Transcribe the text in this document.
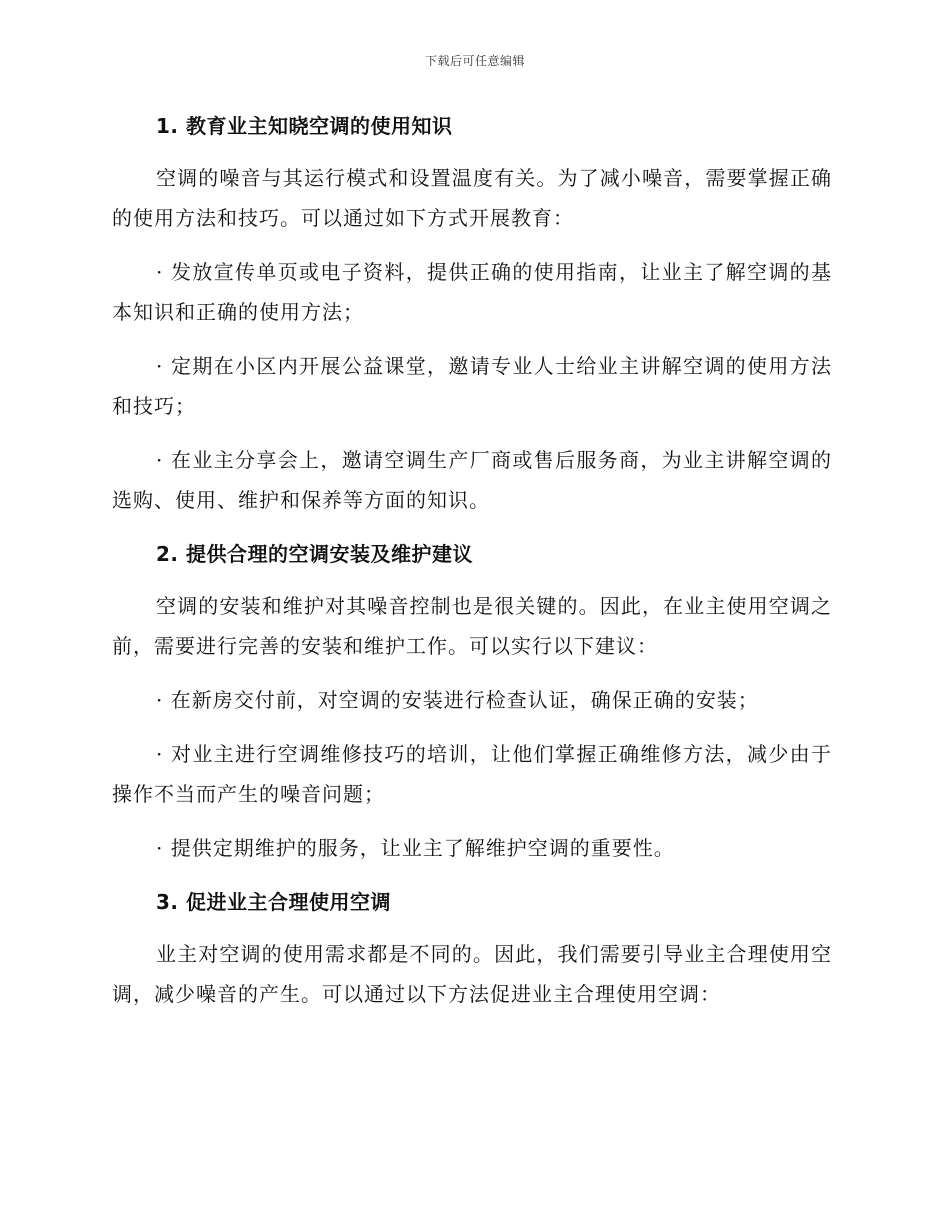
下载后可任意编辑
1. 教育业主知晓空调的使用知识

空调的噪音与其运行模式和设置温度有关。为了减小噪音，需要掌握正确的使用方法和技巧。可以通过如下方式开展教育：

· 发放宣传单页或电子资料，提供正确的使用指南，让业主了解空调的基本知识和正确的使用方法；

· 定期在小区内开展公益课堂，邀请专业人士给业主讲解空调的使用方法和技巧；

· 在业主分享会上，邀请空调生产厂商或售后服务商，为业主讲解空调的选购、使用、维护和保养等方面的知识。

2. 提供合理的空调安装及维护建议

空调的安装和维护对其噪音控制也是很关键的。因此，在业主使用空调之前，需要进行完善的安装和维护工作。可以实行以下建议：

· 在新房交付前，对空调的安装进行检查认证，确保正确的安装；

· 对业主进行空调维修技巧的培训，让他们掌握正确维修方法，减少由于操作不当而产生的噪音问题；

· 提供定期维护的服务，让业主了解维护空调的重要性。

3. 促进业主合理使用空调

业主对空调的使用需求都是不同的。因此，我们需要引导业主合理使用空调，减少噪音的产生。可以通过以下方法促进业主合理使用空调：
